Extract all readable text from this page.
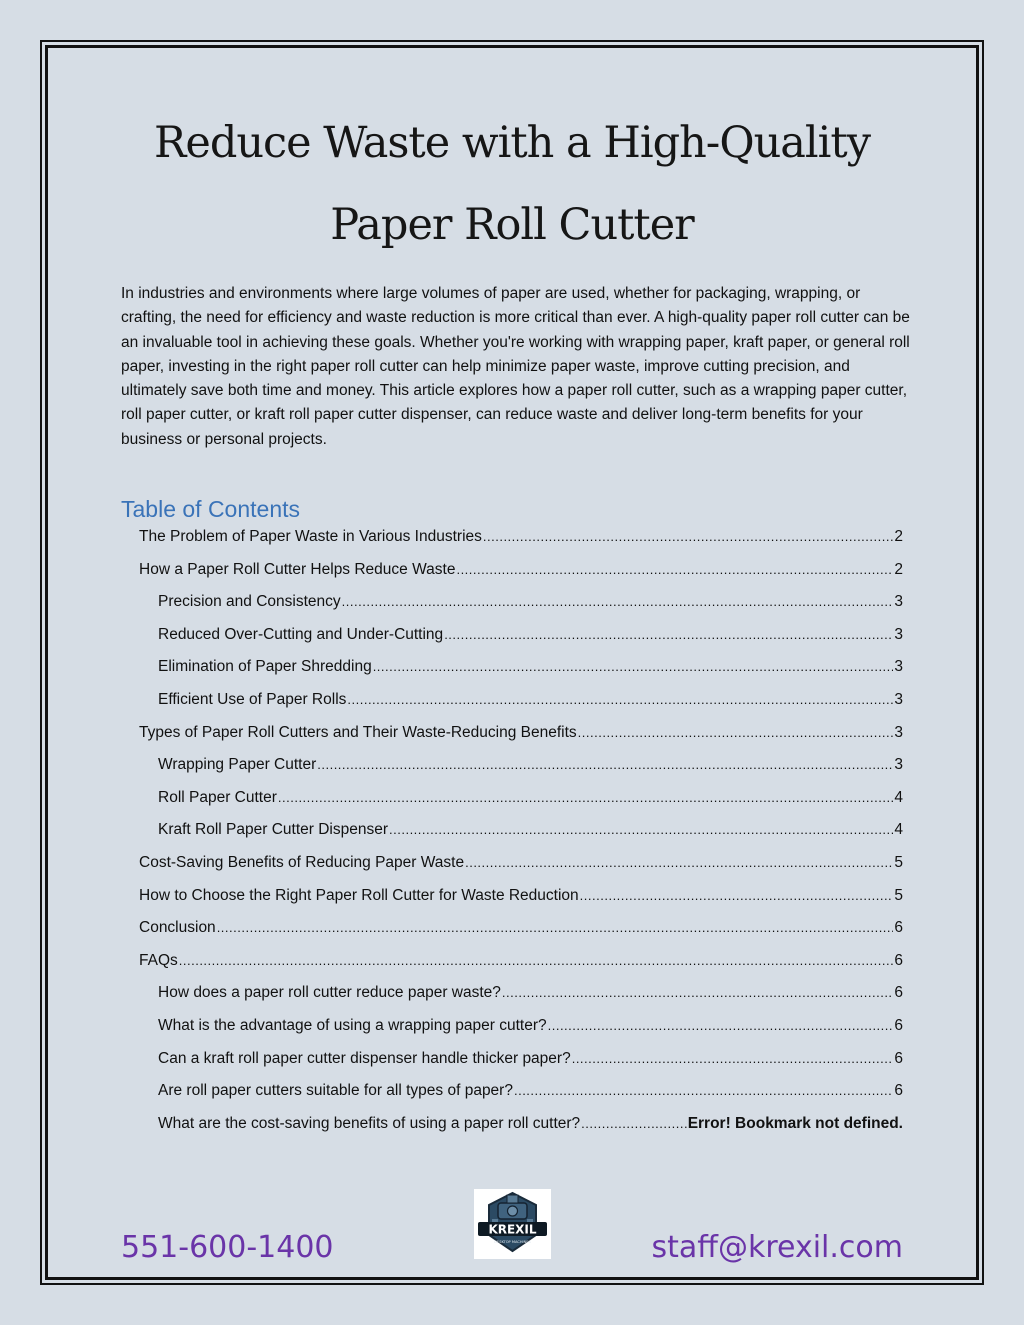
Reduce Waste with a High-Quality
Paper Roll Cutter

In industries and environments where large volumes of paper are used, whether for packaging, wrapping, or crafting, the need for efficiency and waste reduction is more critical than ever. A high-quality paper roll cutter can be an invaluable tool in achieving these goals. Whether you're working with wrapping paper, kraft paper, or general roll paper, investing in the right paper roll cutter can help minimize paper waste, improve cutting precision, and ultimately save both time and money. This article explores how a paper roll cutter, such as a wrapping paper cutter, roll paper cutter, or kraft roll paper cutter dispenser, can reduce waste and deliver long-term benefits for your business or personal projects.

Table of Contents
The Problem of Paper Waste in Various Industries .....	2
How a Paper Roll Cutter Helps Reduce Waste .....	2
Precision and Consistency .....	3
Reduced Over-Cutting and Under-Cutting .....	3
Elimination of Paper Shredding .....	3
Efficient Use of Paper Rolls .....	3
Types of Paper Roll Cutters and Their Waste-Reducing Benefits .....	3
Wrapping Paper Cutter .....	3
Roll Paper Cutter .....	4
Kraft Roll Paper Cutter Dispenser .....	4
Cost-Saving Benefits of Reducing Paper Waste .....	5
How to Choose the Right Paper Roll Cutter for Waste Reduction .....	5
Conclusion .....	6
FAQs .....	6
How does a paper roll cutter reduce paper waste? .....	6
What is the advantage of using a wrapping paper cutter? .....	6
Can a kraft roll paper cutter dispenser handle thicker paper? .....	6
Are roll paper cutters suitable for all types of paper? .....	6
What are the cost-saving benefits of using a paper roll cutter? .....	Error! Bookmark not defined.
551-600-1400
KREXIL
DESKTOP MACHINES	staff@krexil.com
